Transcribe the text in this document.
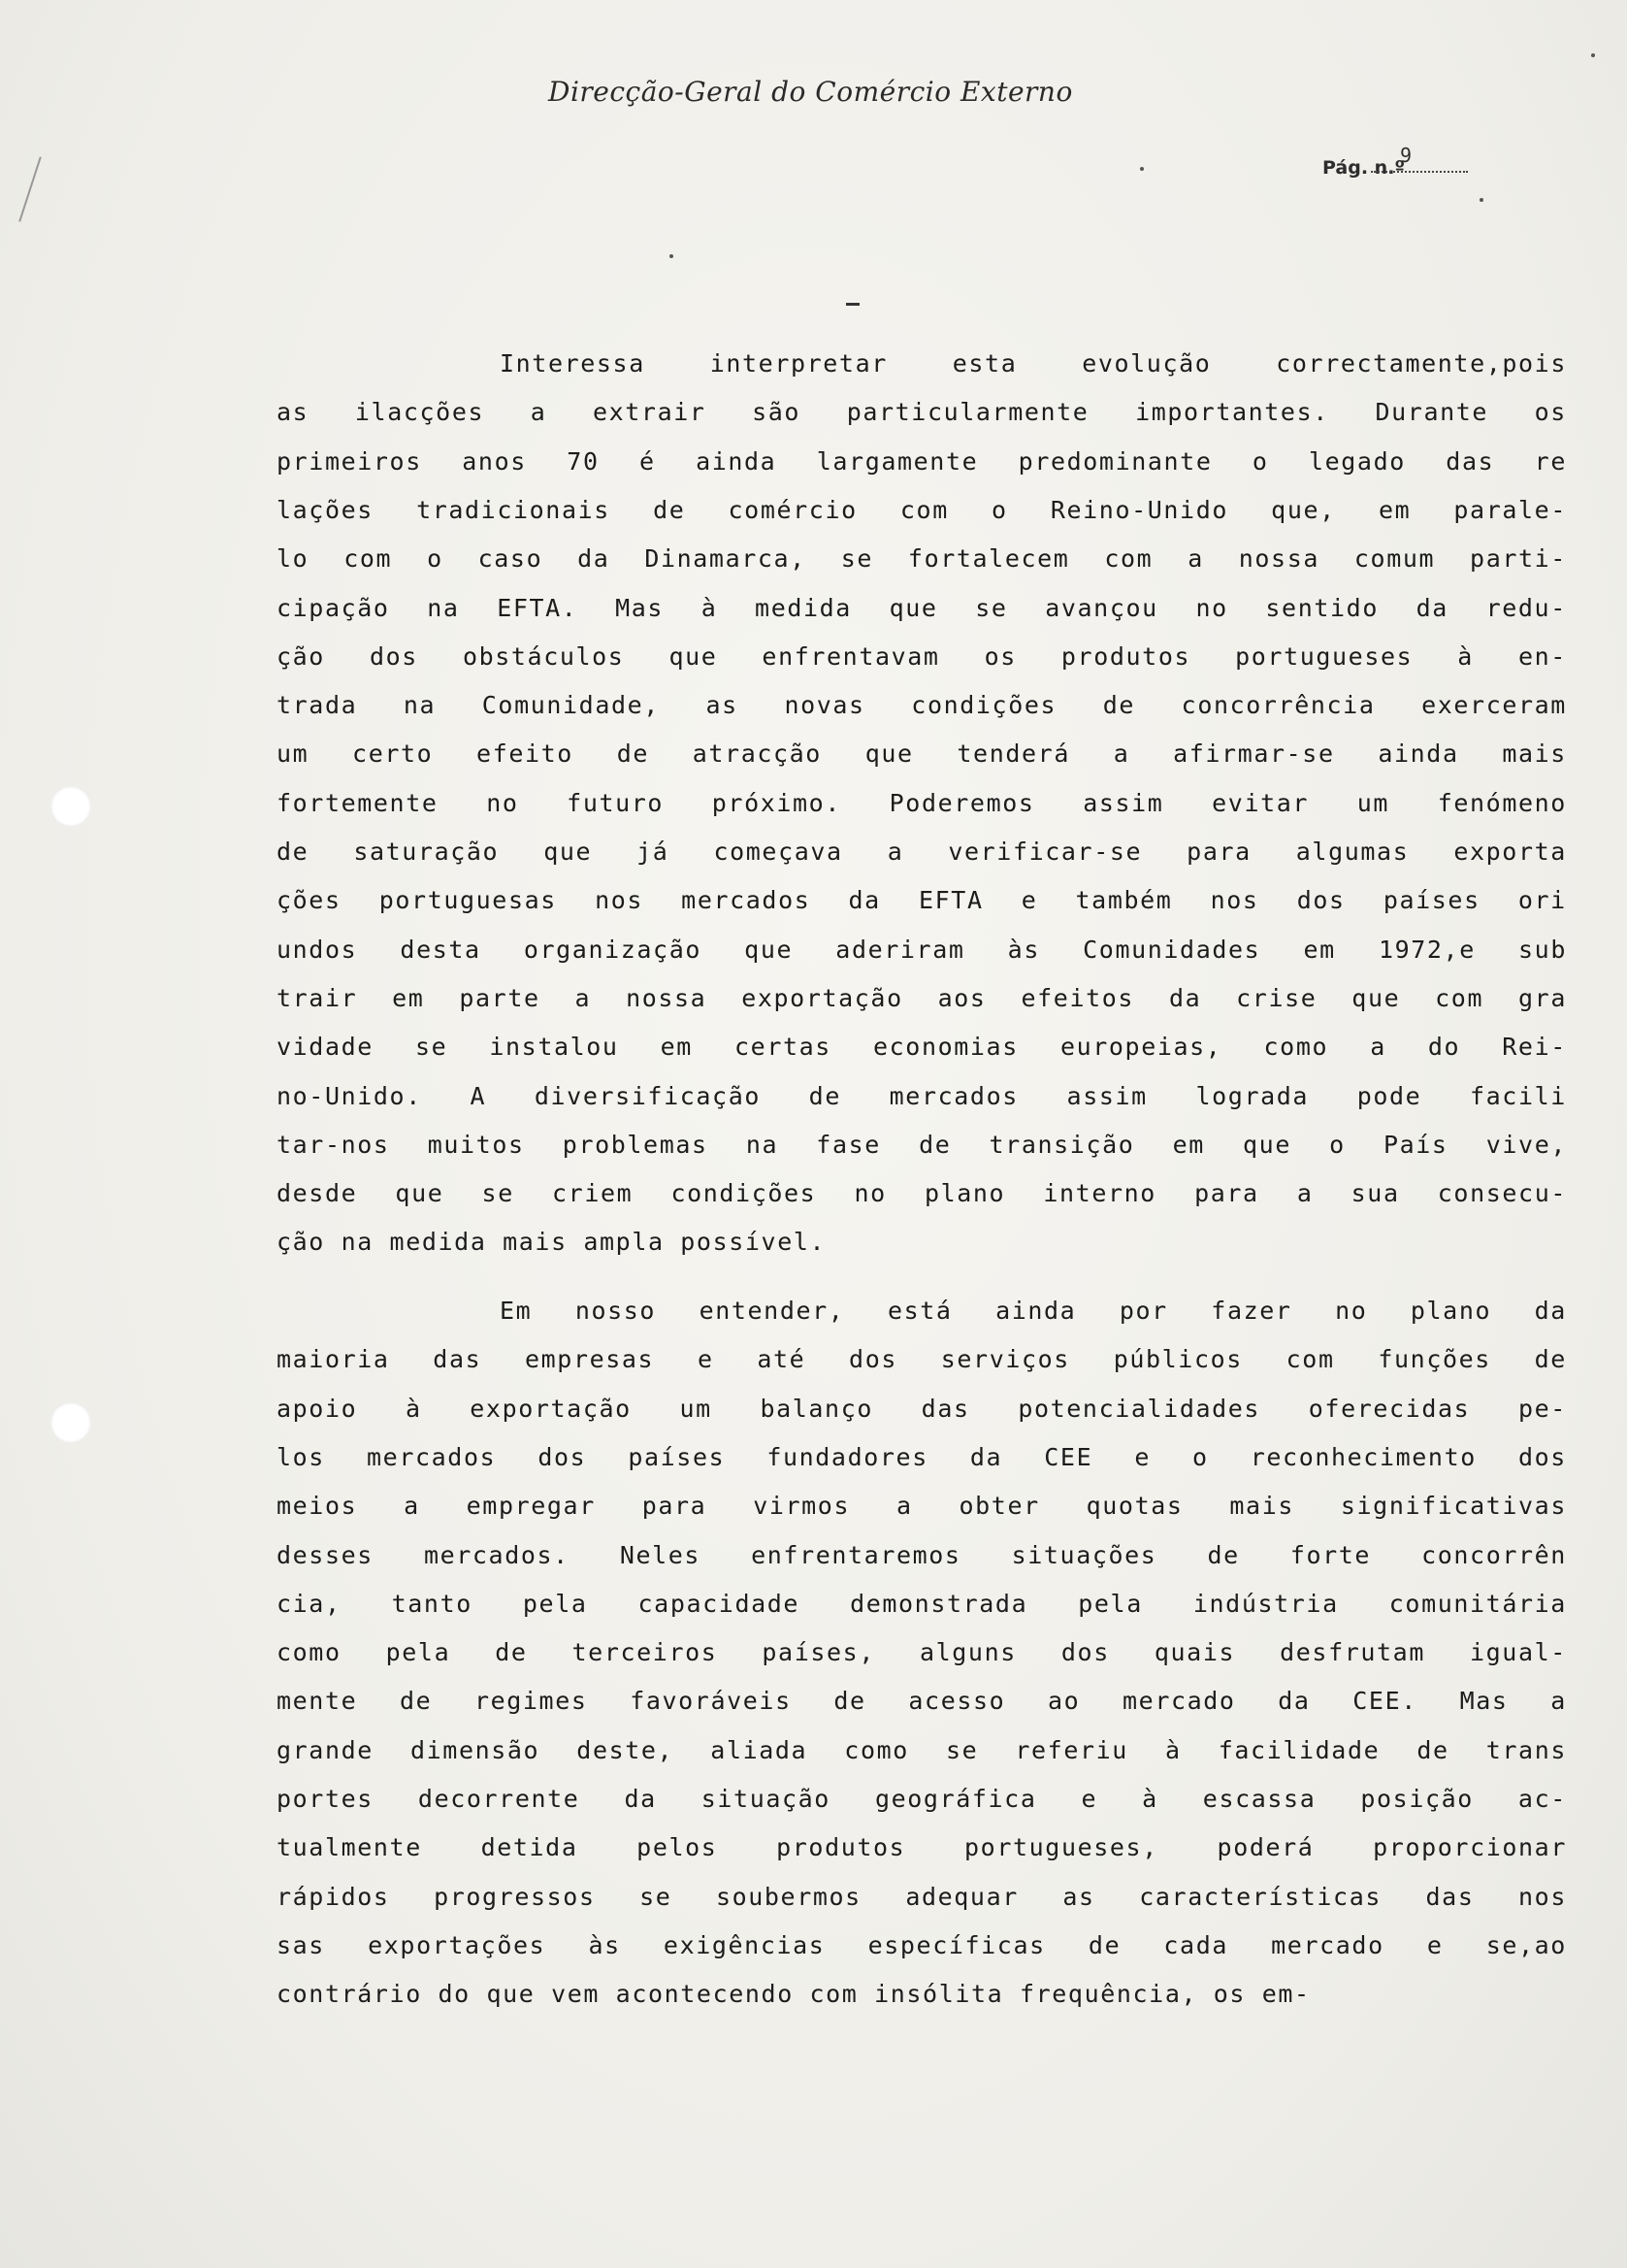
Direcção-Geral do Comércio Externo
Pág. n.º
9
Interessa	interpretar	esta	evolução	correctamente,pois
as ilacções a extrair são particularmente importantes. Durante os
primeiros anos 70 é ainda largamente predominante o legado das re
lações tradicionais de comércio com o Reino-Unido que, em parale-
lo com o caso da Dinamarca, se fortalecem com a nossa comum parti-
cipação na EFTA. Mas à medida que se avançou no sentido da redu-
ção dos obstáculos que enfrentavam os produtos portugueses à en-
trada na Comunidade, as novas condições de concorrência exerceram
um certo efeito de atracção que tenderá a afirmar-se ainda mais
fortemente no futuro próximo. Poderemos assim evitar um fenómeno
de saturação que já começava a verificar-se para algumas exporta
ções portuguesas nos mercados da EFTA e também nos dos países ori
undos desta organização que aderiram às Comunidades em 1972,e sub
trair em parte a nossa exportação aos efeitos da crise que com gra
vidade se instalou em certas economias europeias, como a do Rei-
no-Unido. A diversificação de mercados assim lograda pode facili
tar-nos muitos problemas na fase de transição em que o País vive,
desde que se criem condições no plano interno para a sua consecu-
ção na medida mais ampla possível.
Em nosso entender, está ainda por fazer no plano da
maioria das empresas e até dos serviços públicos com funções de
apoio à exportação um balanço das potencialidades oferecidas pe-
los mercados dos países fundadores da CEE e o reconhecimento dos
meios a empregar para virmos a obter quotas mais significativas
desses mercados. Neles enfrentaremos situações de forte concorrên
cia, tanto pela capacidade demonstrada pela indústria comunitária
como pela de terceiros países, alguns dos quais desfrutam igual-
mente de regimes favoráveis de acesso ao mercado da CEE. Mas a
grande dimensão deste, aliada como se referiu à facilidade de trans
portes decorrente da situação geográfica e à escassa posição ac-
tualmente detida pelos produtos portugueses, poderá proporcionar
rápidos progressos se soubermos adequar as características das nos
sas exportações às exigências específicas de cada mercado e se,ao
contrário do que vem acontecendo com insólita frequência, os em-
